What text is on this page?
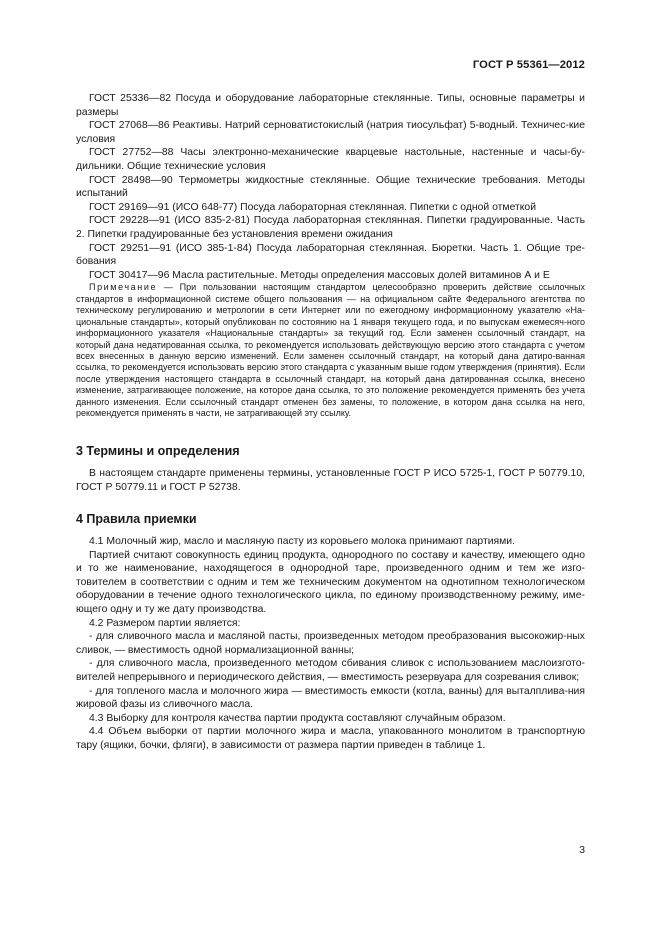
ГОСТ Р 55361—2012

ГОСТ 25336—82 Посуда и оборудование лабораторные стеклянные. Типы, основные параметры и размеры

ГОСТ 27068—86 Реактивы. Натрий серноватистокислый (натрия тиосульфат) 5-водный. Техничес-кие условия

ГОСТ 27752—88 Часы электронно-механические кварцевые настольные, настенные и часы-бу-дильники. Общие технические условия

ГОСТ 28498—90 Термометры жидкостные стеклянные. Общие технические требования. Методы испытаний

ГОСТ 29169—91 (ИСО 648-77) Посуда лабораторная стеклянная. Пипетки с одной отметкой

ГОСТ 29228—91 (ИСО 835-2-81) Посуда лабораторная стеклянная. Пипетки градуированные. Часть 2. Пипетки градуированные без установления времени ожидания

ГОСТ 29251—91 (ИСО 385-1-84) Посуда лабораторная стеклянная. Бюретки. Часть 1. Общие тре-бования

ГОСТ 30417—96 Масла растительные. Методы определения массовых долей витаминов А и Е

Примечание — При пользовании настоящим стандартом целесообразно проверить действие ссылочных стандартов в информационной системе общего пользования — на официальном сайте Федерального агентства по техническому регулированию и метрологии в сети Интернет или по ежегодному информационному указателю «На-циональные стандарты», который опубликован по состоянию на 1 января текущего года, и по выпускам ежемесяч-ного информационного указателя «Национальные стандарты» за текущий год. Если заменен ссылочный стандарт, на который дана недатированная ссылка, то рекомендуется использовать действующую версию этого стандарта с учетом всех внесенных в данную версию изменений. Если заменен ссылочный стандарт, на который дана датиро-ванная ссылка, то рекомендуется использовать версию этого стандарта с указанным выше годом утверждения (принятия). Если после утверждения настоящего стандарта в ссылочный стандарт, на который дана датированная ссылка, внесено изменение, затрагивающее положение, на которое дана ссылка, то это положение рекомендуется применять без учета данного изменения. Если ссылочный стандарт отменен без замены, то положение, в котором дана ссылка на него, рекомендуется применять в части, не затрагивающей эту ссылку.

3 Термины и определения

В настоящем стандарте применены термины, установленные ГОСТ Р ИСО 5725-1, ГОСТ Р 50779.10, ГОСТ Р 50779.11 и ГОСТ Р 52738.

4 Правила приемки

4.1 Молочный жир, масло и масляную пасту из коровьего молока принимают партиями.

Партией считают совокупность единиц продукта, однородного по составу и качеству, имеющего одно и то же наименование, находящегося в однородной таре, произведенного одним и тем же изго-товителем в соответствии с одним и тем же техническим документом на однотипном технологическом оборудовании в течение одного технологического цикла, по единому производственному режиму, име-ющего одну и ту же дату производства.

4.2 Размером партии является:

- для сливочного масла и масляной пасты, произведенных методом преобразования высокожир-ных сливок, — вместимость одной нормализационной ванны;

- для сливочного масла, произведенного методом сбивания сливок с использованием маслоизгото-вителей непрерывного и периодического действия, — вместимость резервуара для созревания сливок;

- для топленого масла и молочного жира — вместимость емкости (котла, ванны) для выталплива-ния жировой фазы из сливочного масла.

4.3 Выборку для контроля качества партии продукта составляют случайным образом.

4.4 Объем выборки от партии молочного жира и масла, упакованного монолитом в транспортную тару (ящики, бочки, фляги), в зависимости от размера партии приведен в таблице 1.

3
